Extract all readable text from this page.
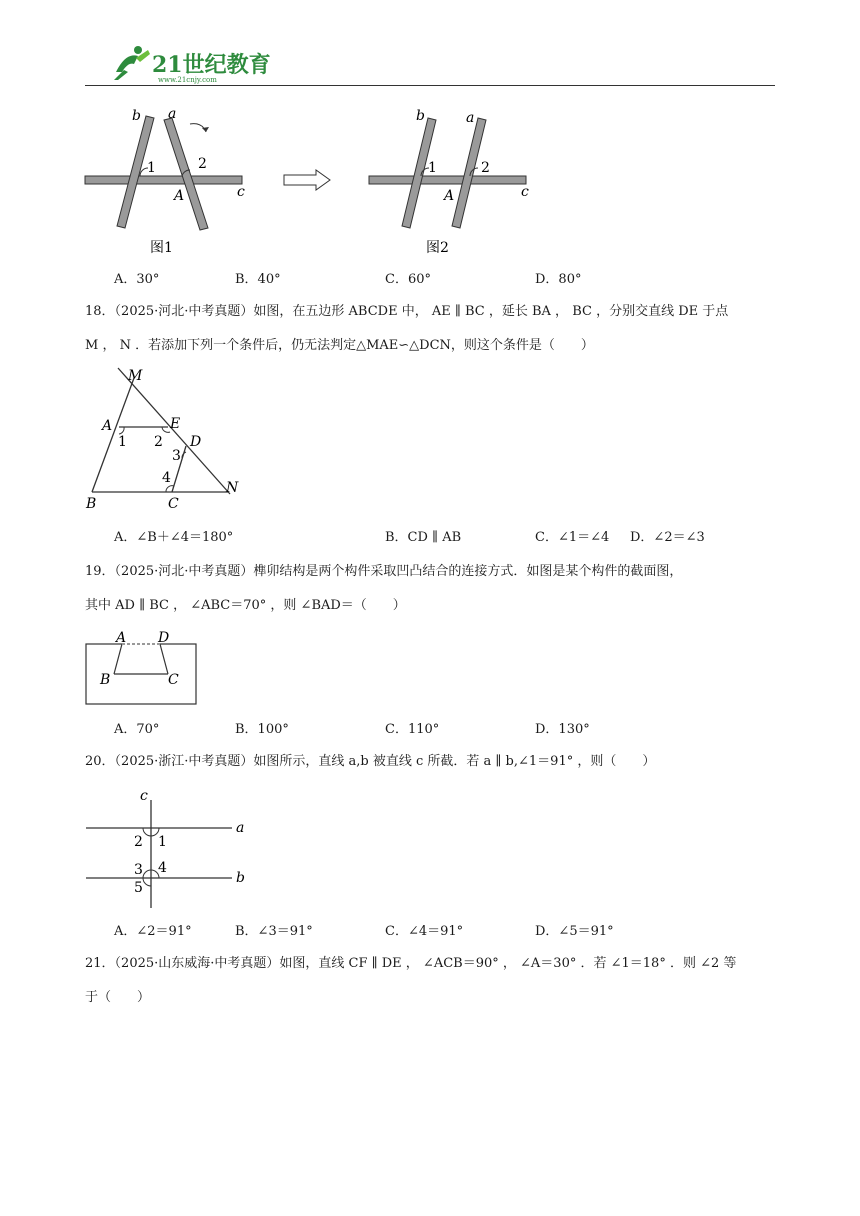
21世纪教育
www.21cnjy.com
b a
1	2
A	c
图1
b	a
1	2
A	c
图2
A．30°	B．40°	C．60°	D．80°
18．（2025·河北·中考真题）如图，在五边形 ABCDE 中， AE ∥ BC ，延长 BA ， BC ，分别交直线 DE 于点
M ， N ．若添加下列一个条件后，仍无法判定△MAE∽△DCN，则这个条件是（　　）
M
A	E
D
B	C
N
1 2
3
4
A．∠B＋∠4＝180°	B．CD ∥ AB	C．∠1＝∠4 D．∠2＝∠3
19．（2025·河北·中考真题）榫卯结构是两个构件采取凹凸结合的连接方式．如图是某个构件的截面图，
其中 AD ∥ BC ， ∠ABC＝70° ，则 ∠BAD＝（　　）
A D
B	C
A．70°	B．100°	C．110°	D．130°
20．（2025·浙江·中考真题）如图所示，直线 a,b 被直线 c 所截．若 a ∥ b,∠1＝91° ，则（　　）
c
a
b
2 1
3 4
5
A．∠2＝91°	B．∠3＝91°	C．∠4＝91°	D．∠5＝91°
21．（2025·山东威海·中考真题）如图，直线 CF ∥ DE ， ∠ACB＝90° ， ∠A＝30° ．若 ∠1＝18° ．则 ∠2 等
于（　　）
